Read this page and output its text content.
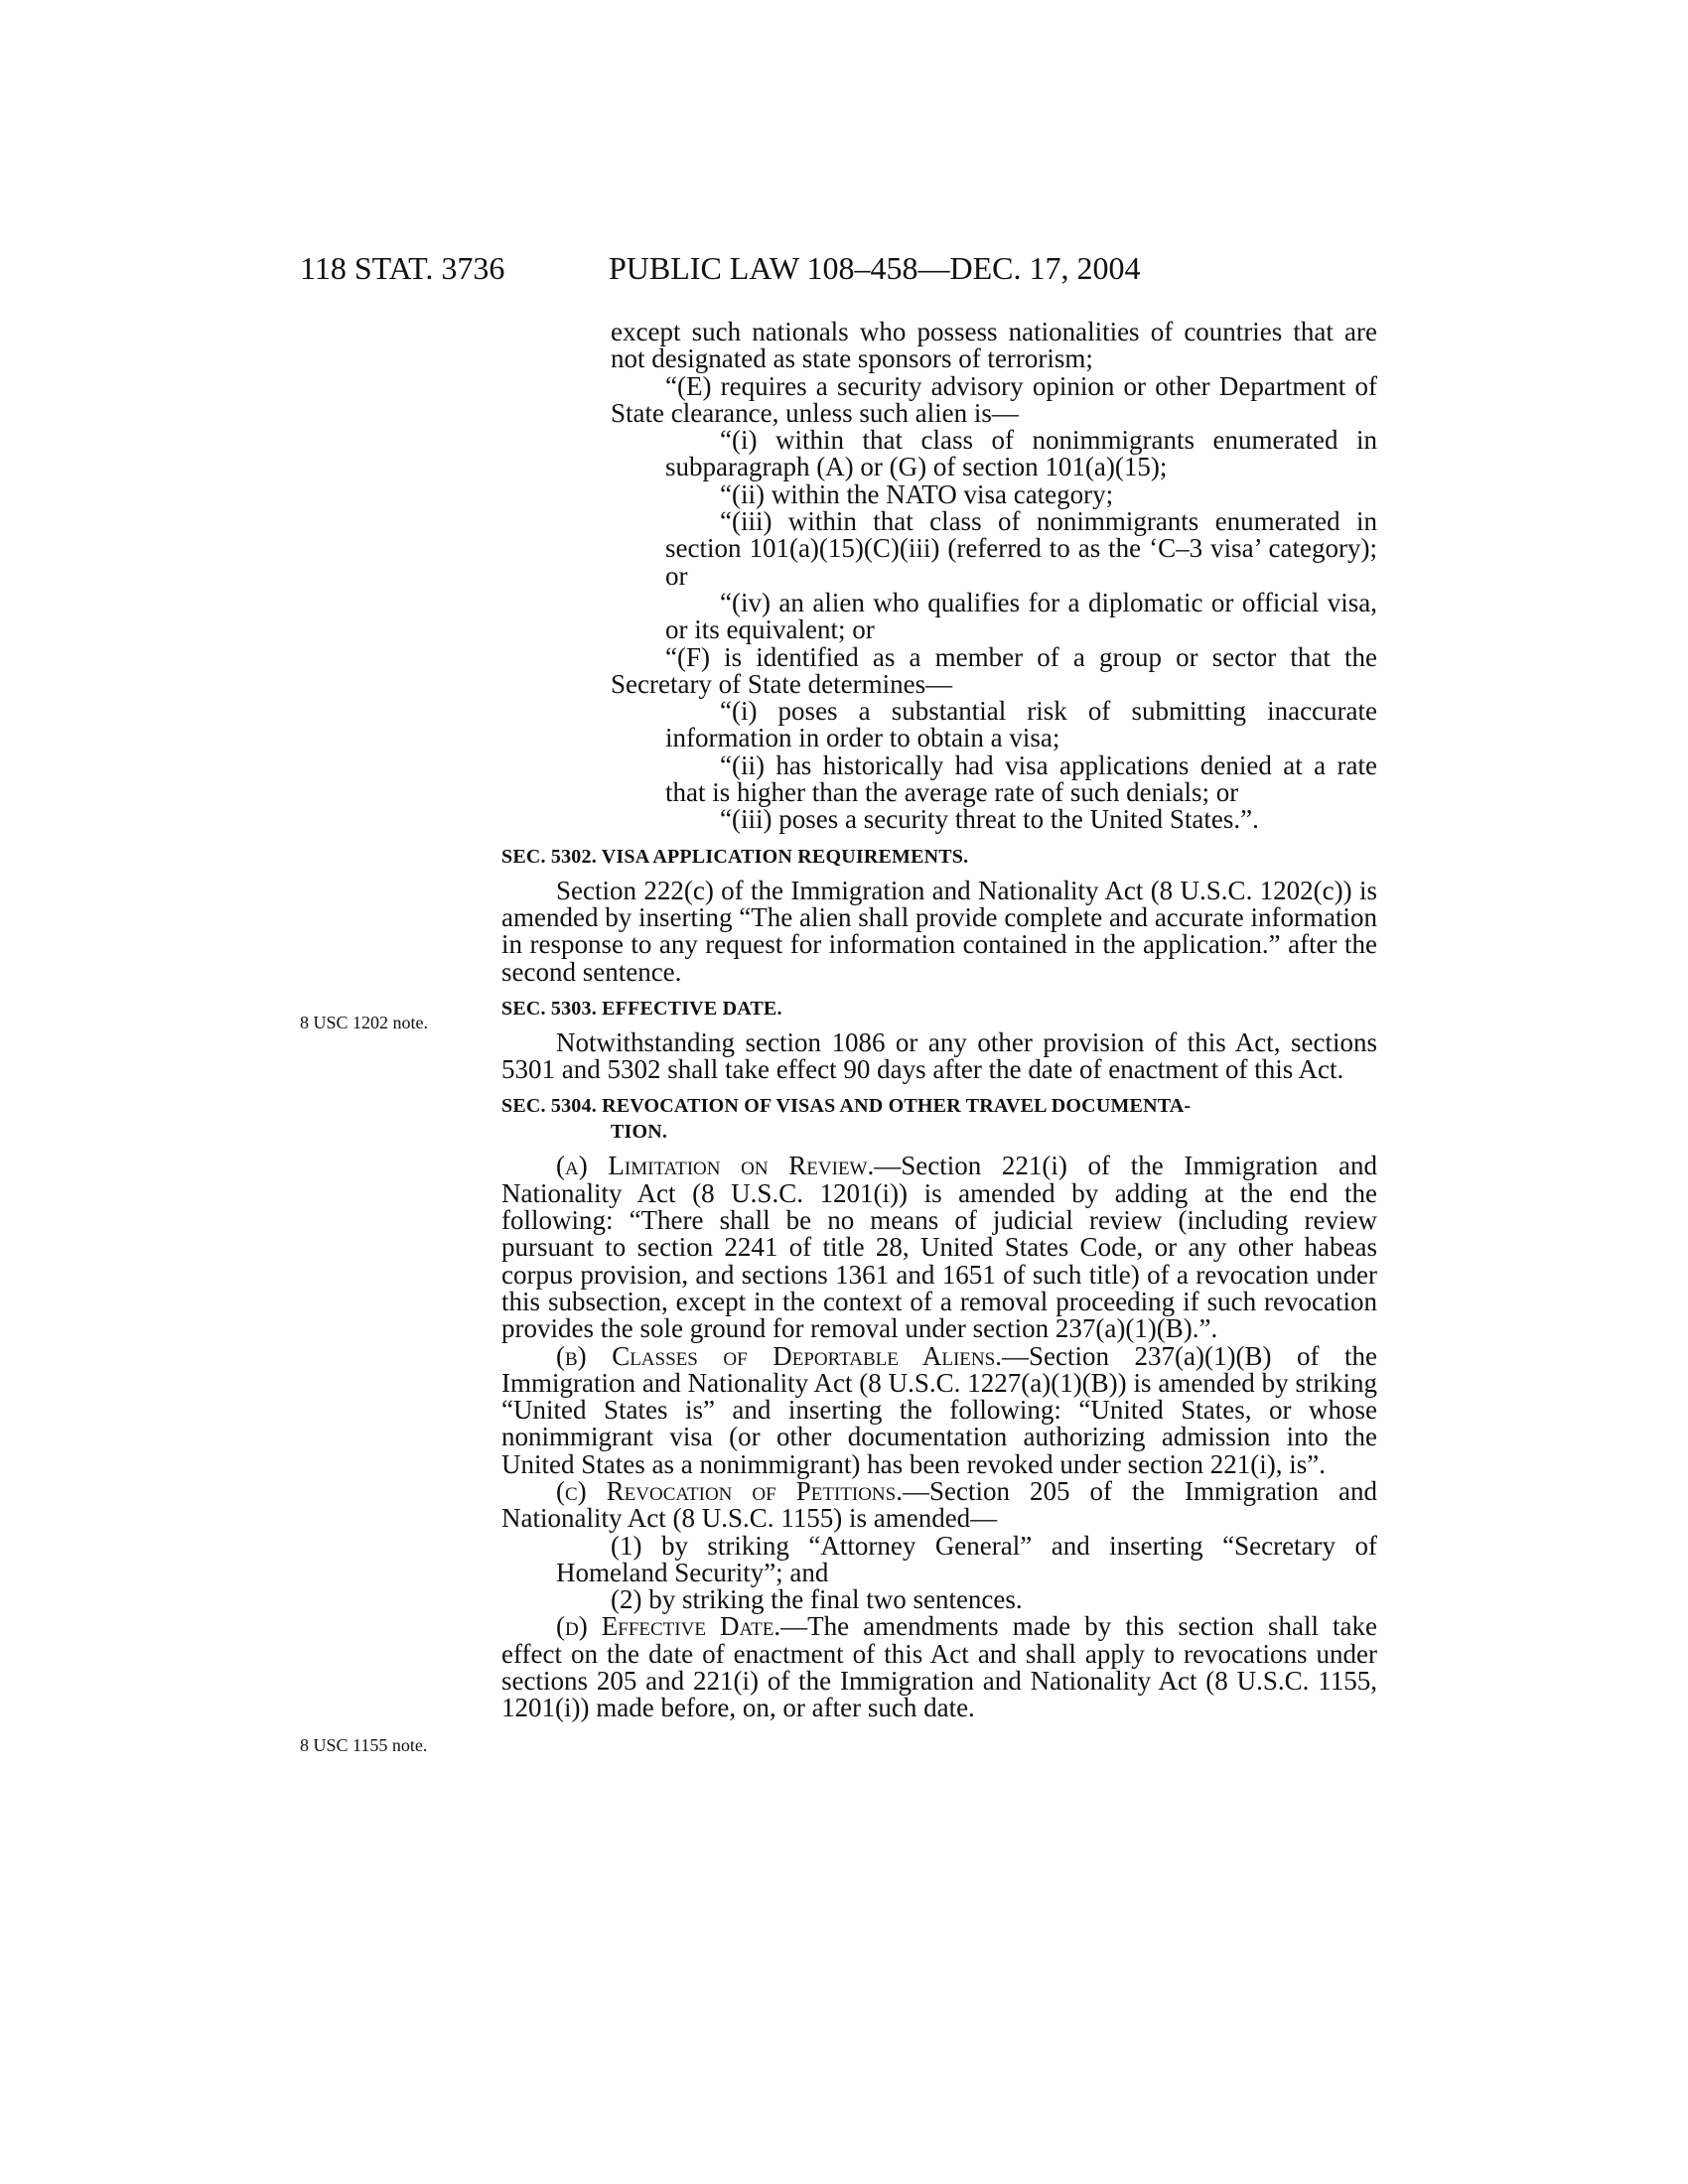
118 STAT. 3736	PUBLIC LAW 108–458—DEC. 17, 2004
8 USC 1202 note.
8 USC 1155 note.

except such nationals who possess nationalities of countries that are not designated as state sponsors of terrorism;

“(E) requires a security advisory opinion or other Department of State clearance, unless such alien is—

“(i) within that class of nonimmigrants enumerated in subparagraph (A) or (G) of section 101(a)(15);

“(ii) within the NATO visa category;

“(iii) within that class of nonimmigrants enumerated in section 101(a)(15)(C)(iii) (referred to as the ‘C–3 visa’ category); or

“(iv) an alien who qualifies for a diplomatic or official visa, or its equivalent; or

“(F) is identified as a member of a group or sector that the Secretary of State determines—

“(i) poses a substantial risk of submitting inaccurate information in order to obtain a visa;

“(ii) has historically had visa applications denied at a rate that is higher than the average rate of such denials; or

“(iii) poses a security threat to the United States.”.

SEC. 5302. VISA APPLICATION REQUIREMENTS.

Section 222(c) of the Immigration and Nationality Act (8 U.S.C. 1202(c)) is amended by inserting “The alien shall provide complete and accurate information in response to any request for information contained in the application.” after the second sentence.

SEC. 5303. EFFECTIVE DATE.

Notwithstanding section 1086 or any other provision of this Act, sections 5301 and 5302 shall take effect 90 days after the date of enactment of this Act.

SEC. 5304. REVOCATION OF VISAS AND OTHER TRAVEL DOCUMENTA-
TION.

(a) Limitation on Review.—Section 221(i) of the Immigration and Nationality Act (8 U.S.C. 1201(i)) is amended by adding at the end the following: “There shall be no means of judicial review (including review pursuant to section 2241 of title 28, United States Code, or any other habeas corpus provision, and sections 1361 and 1651 of such title) of a revocation under this subsection, except in the context of a removal proceeding if such revocation provides the sole ground for removal under section 237(a)(1)(B).”.

(b) Classes of Deportable Aliens.—Section 237(a)(1)(B) of the Immigration and Nationality Act (8 U.S.C. 1227(a)(1)(B)) is amended by striking “United States is” and inserting the following: “United States, or whose nonimmigrant visa (or other documentation authorizing admission into the United States as a nonimmigrant) has been revoked under section 221(i), is”.

(c) Revocation of Petitions.—Section 205 of the Immigration and Nationality Act (8 U.S.C. 1155) is amended—

(1) by striking “Attorney General” and inserting “Secretary of Homeland Security”; and

(2) by striking the final two sentences.

(d) Effective Date.—The amendments made by this section shall take effect on the date of enactment of this Act and shall apply to revocations under sections 205 and 221(i) of the Immigration and Nationality Act (8 U.S.C. 1155, 1201(i)) made before, on, or after such date.
